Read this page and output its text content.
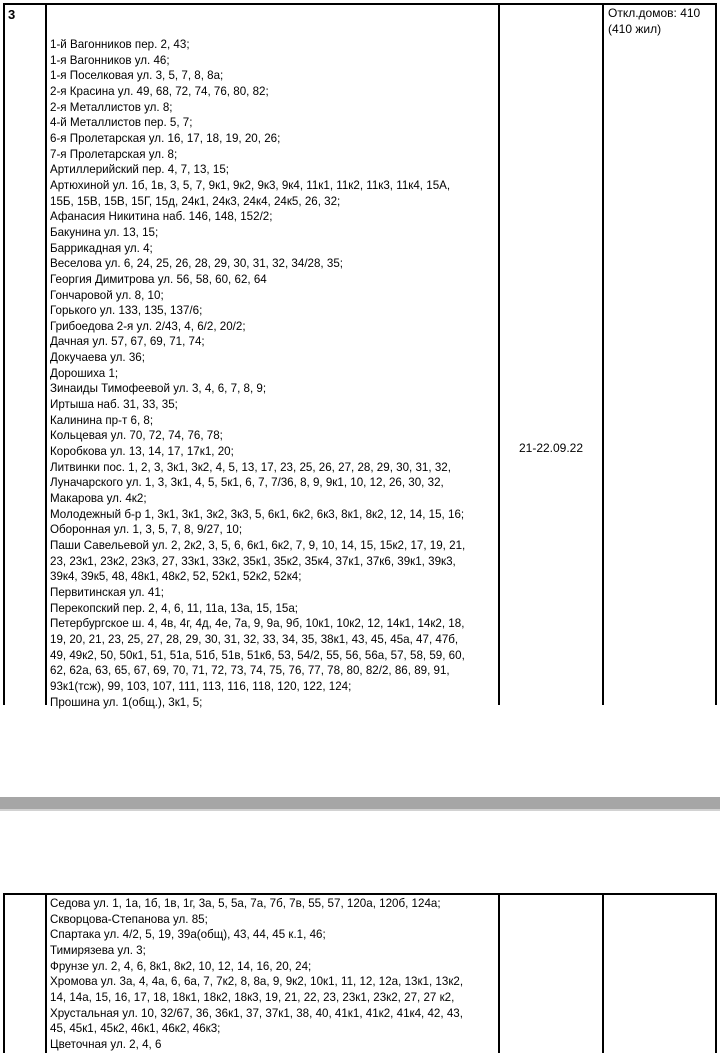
3
1-й Вагонников пер. 2, 43;
1-я Вагонников ул. 46;
1-я Поселковая ул. 3, 5, 7, 8, 8а;
2-я Красина ул. 49, 68, 72, 74, 76, 80, 82;
2-я Металлистов ул. 8;
4-й Металлистов пер. 5, 7;
6-я Пролетарская ул. 16, 17, 18, 19, 20, 26;
7-я Пролетарская ул. 8;
Артиллерийский пер. 4, 7, 13, 15;
Артюхиной ул. 1б, 1в, 3, 5, 7, 9к1, 9к2, 9к3, 9к4, 11к1, 11к2, 11к3, 11к4, 15А,
15Б, 15В, 15В, 15Г, 15д, 24к1, 24к3, 24к4, 24к5, 26, 32;
Афанасия Никитина наб. 146, 148, 152/2;
Бакунина ул. 13, 15;
Баррикадная ул. 4;
Веселова ул. 6, 24, 25, 26, 28, 29, 30, 31, 32, 34/28, 35;
Георгия Димитрова ул. 56, 58, 60, 62, 64
Гончаровой ул. 8, 10;
Горького ул. 133, 135, 137/6;
Грибоедова 2-я ул. 2/43, 4, 6/2, 20/2;
Дачная ул. 57, 67, 69, 71, 74;
Докучаева ул. 36;
Дорошиха 1;
Зинаиды Тимофеевой ул. 3, 4, 6, 7, 8, 9;
Иртыша наб. 31, 33, 35;
Калинина пр-т 6, 8;
Кольцевая ул. 70, 72, 74, 76, 78;
Коробкова ул. 13, 14, 17, 17к1, 20;
Литвинки пос. 1, 2, 3, 3к1, 3к2, 4, 5, 13, 17, 23, 25, 26, 27, 28, 29, 30, 31, 32,
Луначарского ул. 1, 3, 3к1, 4, 5, 5к1, 6, 7, 7/36, 8, 9, 9к1, 10, 12, 26, 30, 32,
Макарова ул. 4к2;
Молодежный б-р 1, 3к1, 3к1, 3к2, 3к3, 5, 6к1, 6к2, 6к3, 8к1, 8к2, 12, 14, 15, 16;
Оборонная ул. 1, 3, 5, 7, 8, 9/27, 10;
Паши Савельевой ул. 2, 2к2, 3, 5, 6, 6к1, 6к2, 7, 9, 10, 14, 15, 15к2, 17, 19, 21,
23, 23к1, 23к2, 23к3, 27, 33к1, 33к2, 35к1, 35к2, 35к4, 37к1, 37к6, 39к1, 39к3,
39к4, 39к5, 48, 48к1, 48к2, 52, 52к1, 52к2, 52к4;
Первитинская ул. 41;
Перекопский пер. 2, 4, 6, 11, 11а, 13а, 15, 15а;
Петербургское ш. 4, 4в, 4г, 4д, 4е, 7а, 9, 9а, 9б, 10к1, 10к2, 12, 14к1, 14к2, 18,
19, 20, 21, 23, 25, 27, 28, 29, 30, 31, 32, 33, 34, 35, 38к1, 43, 45, 45а, 47, 47б,
49, 49к2, 50, 50к1, 51, 51а, 51б, 51в, 51к6, 53, 54/2, 55, 56, 56а, 57, 58, 59, 60,
62, 62а, 63, 65, 67, 69, 70, 71, 72, 73, 74, 75, 76, 77, 78, 80, 82/2, 86, 89, 91,
93к1(тсж), 99, 103, 107, 111, 113, 116, 118, 120, 122, 124;
Прошина ул. 1(общ.), 3к1, 5;
21-22.09.22
Откл.домов: 410
(410 жил)
Седова ул. 1, 1а, 1б, 1в, 1г, 3а, 5, 5а, 7а, 7б, 7в, 55, 57, 120а, 120б, 124а;
Скворцова-Степанова ул. 85;
Спартака ул. 4/2, 5, 19, 39а(общ), 43, 44, 45 к.1, 46;
Тимирязева ул. 3;
Фрунзе ул. 2, 4, 6, 8к1, 8к2, 10, 12, 14, 16, 20, 24;
Хромова ул. 3а, 4, 4а, 6, 6а, 7, 7к2, 8, 8а, 9, 9к2, 10к1, 11, 12, 12а, 13к1, 13к2,
14, 14а, 15, 16, 17, 18, 18к1, 18к2, 18к3, 19, 21, 22, 23, 23к1, 23к2, 27, 27 к2,
Хрустальная ул. 10, 32/67, 36, 36к1, 37, 37к1, 38, 40, 41к1, 41к2, 41к4, 42, 43,
45, 45к1, 45к2, 46к1, 46к2, 46к3;
Цветочная ул. 2, 4, 6
